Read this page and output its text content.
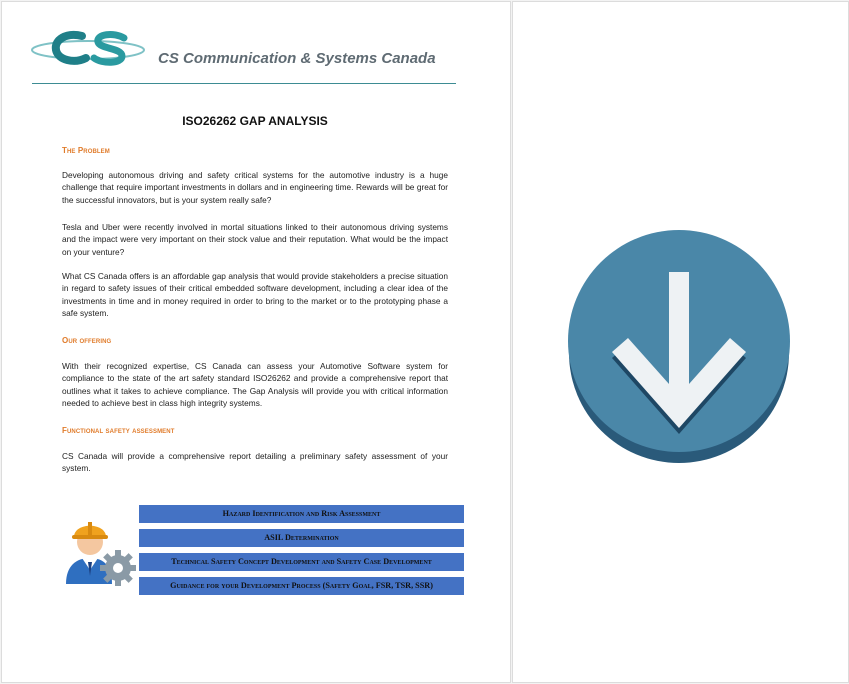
CS
CS Communication & Systems Canada
ISO26262 GAP ANALYSIS
The Problem
Developing autonomous driving and safety critical systems for the automotive industry is a huge challenge that require important investments in dollars and in engineering time. Rewards will be great for the successful innovators, but is your system really safe?
Tesla and Uber were recently involved in mortal situations linked to their autonomous driving systems and the impact were very important on their stock value and their reputation. What would be the impact on your venture?
What CS Canada offers is an affordable gap analysis that would provide stakeholders a precise situation in regard to safety issues of their critical embedded software development, including a clear idea of the investments in time and in money required in order to bring to the market or to the prototyping phase a safe system.
Our offering
With their recognized expertise, CS Canada can assess your Automotive Software system for compliance to the state of the art safety standard ISO26262 and provide a comprehensive report that outlines what it takes to achieve compliance. The Gap Analysis will provide you with critical information needed to achieve best in class high integrity systems.
Functional safety assessment
CS Canada will provide a comprehensive report detailing a preliminary safety assessment of your system.
Hazard Identification and Risk Assessment
ASIL Determination
Technical Safety Concept Development and Safety Case Development
Guidance for your Development Process (Safety Goal, FSR, TSR, SSR)
